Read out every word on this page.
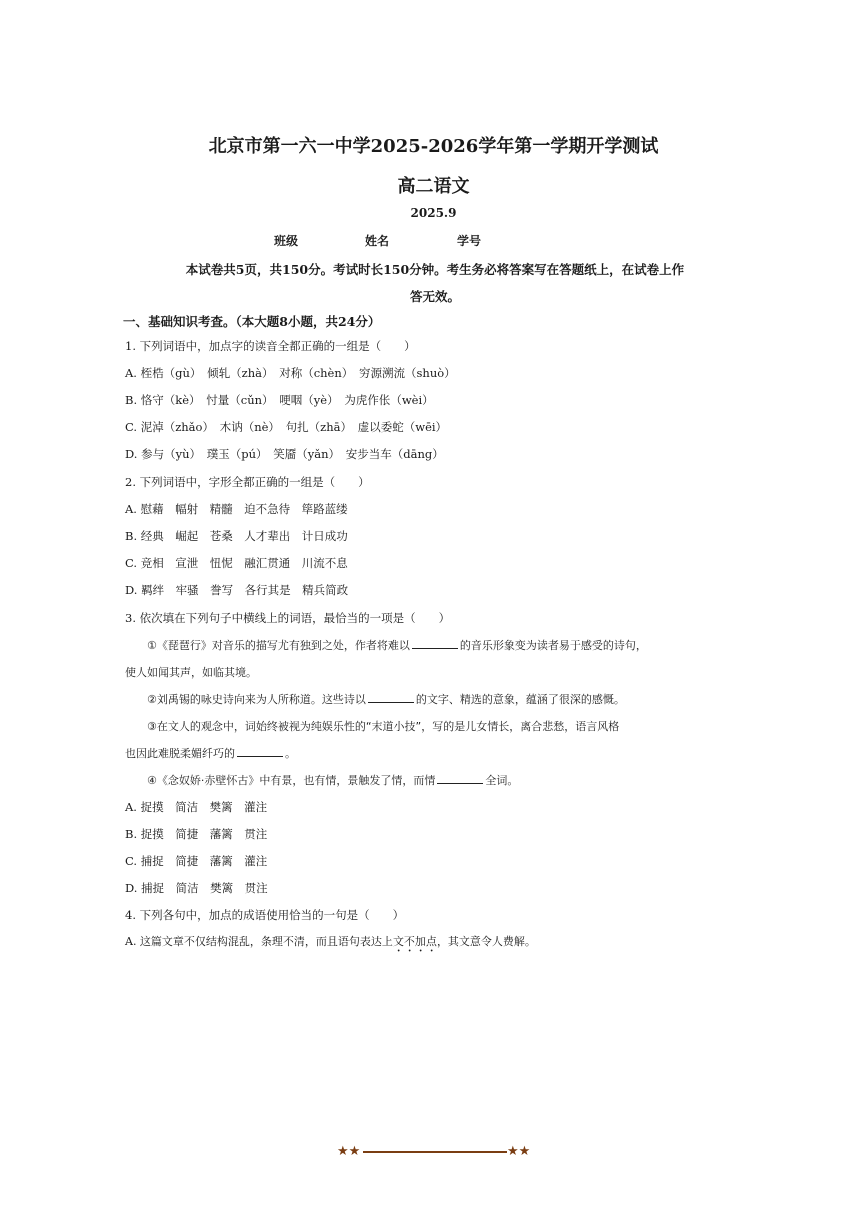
北京市第一六一中学2025-2026学年第一学期开学测试
高二语文
2025.9
班级	姓名	学号
本试卷共5页，共150分。考试时长150分钟。考生务必将答案写在答题纸上，在试卷上作
答无效。
一、基础知识考查。（本大题8小题，共24分）
1. 下列词语中，加点字的读音全都正确的一组是（　　）
A. 桎梏（gù）　倾轧（zhà）　对称（chèn）　穷源溯流（shuò）
B. 恪守（kè）　忖量（cǔn）　哽咽（yè）　为虎作伥（wèi）
C. 泥淖（zhǎo）　木讷（nè）　句扎（zhā）　虚以委蛇（wēi）
D. 参与（yù）　璞玉（pú）　笑靥（yǎn）　安步当车（dāng）
2. 下列词语中，字形全都正确的一组是（　　）
A. 慰藉　幅射　精髓　迫不急待　筚路蓝缕
B. 经典　崛起　苍桑　人才辈出　计日成功
C. 竞相　宣泄　忸怩　融汇贯通　川流不息
D. 羁绊　牢骚　誊写　各行其是　精兵简政
3. 依次填在下列句子中横线上的词语，最恰当的一项是（　　）
①《琵琶行》对音乐的描写尤有独到之处，作者将难以	的音乐形象变为读者易于感受的诗句，
使人如闻其声，如临其境。
②刘禹锡的咏史诗向来为人所称道。这些诗以	的文字、精选的意象，蕴涵了很深的感慨。
③在文人的观念中，词始终被视为纯娱乐性的“末道小技”，写的是儿女情长，离合悲愁，语言风格
也因此难脱柔媚纤巧的	。
④《念奴娇·赤壁怀古》中有景，也有情，景触发了情，而情	全词。
A. 捉摸　简洁　樊篱　灌注
B. 捉摸　简捷　藩篱　贯注
C. 捕捉　简捷　藩篱　灌注
D. 捕捉　简洁　樊篱　贯注
4. 下列各句中，加点的成语使用恰当的一句是（　　）
A. 这篇文章不仅结构混乱，条理不清，而且语句表达上文不加点，其文意令人费解。
★★	★★
